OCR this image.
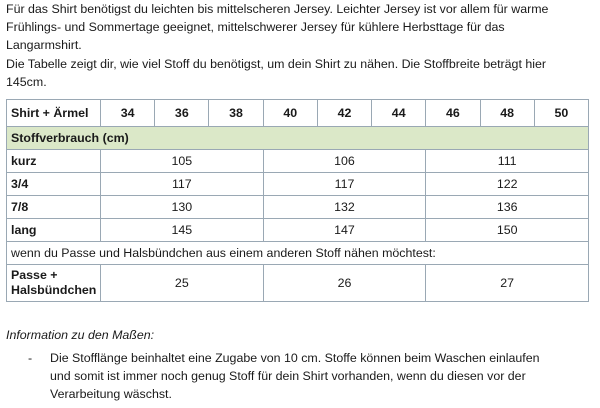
Für das Shirt benötigst du leichten bis mittelscheren Jersey. Leichter Jersey ist vor allem für warme

Frühlings- und Sommertage geeignet, mittelschwerer Jersey für kühlere Herbsttage für das

Langarmshirt.

Die Tabelle zeigt dir, wie viel Stoff du benötigst, um dein Shirt zu nähen. Die Stoffbreite beträgt hier

145cm.

Shirt + Ärmel	34	36	38	40	42	44	46	48	50
Stoffverbrauch (cm)									
kurz	105			106			111		
3/4	117			117			122		
7/8	130			132			136		
lang	145			147			150		
wenn du Passe und Halsbündchen aus einem anderen Stoff nähen möchtest:									
Passe +
Halsbündchen	25			26			27		

Information zu den Maßen:

-	Die Stofflänge beinhaltet eine Zugabe von 10 cm. Stoffe können beim Waschen einlaufen
und somit ist immer noch genug Stoff für dein Shirt vorhanden, wenn du diesen vor der
Verarbeitung wäschst.
